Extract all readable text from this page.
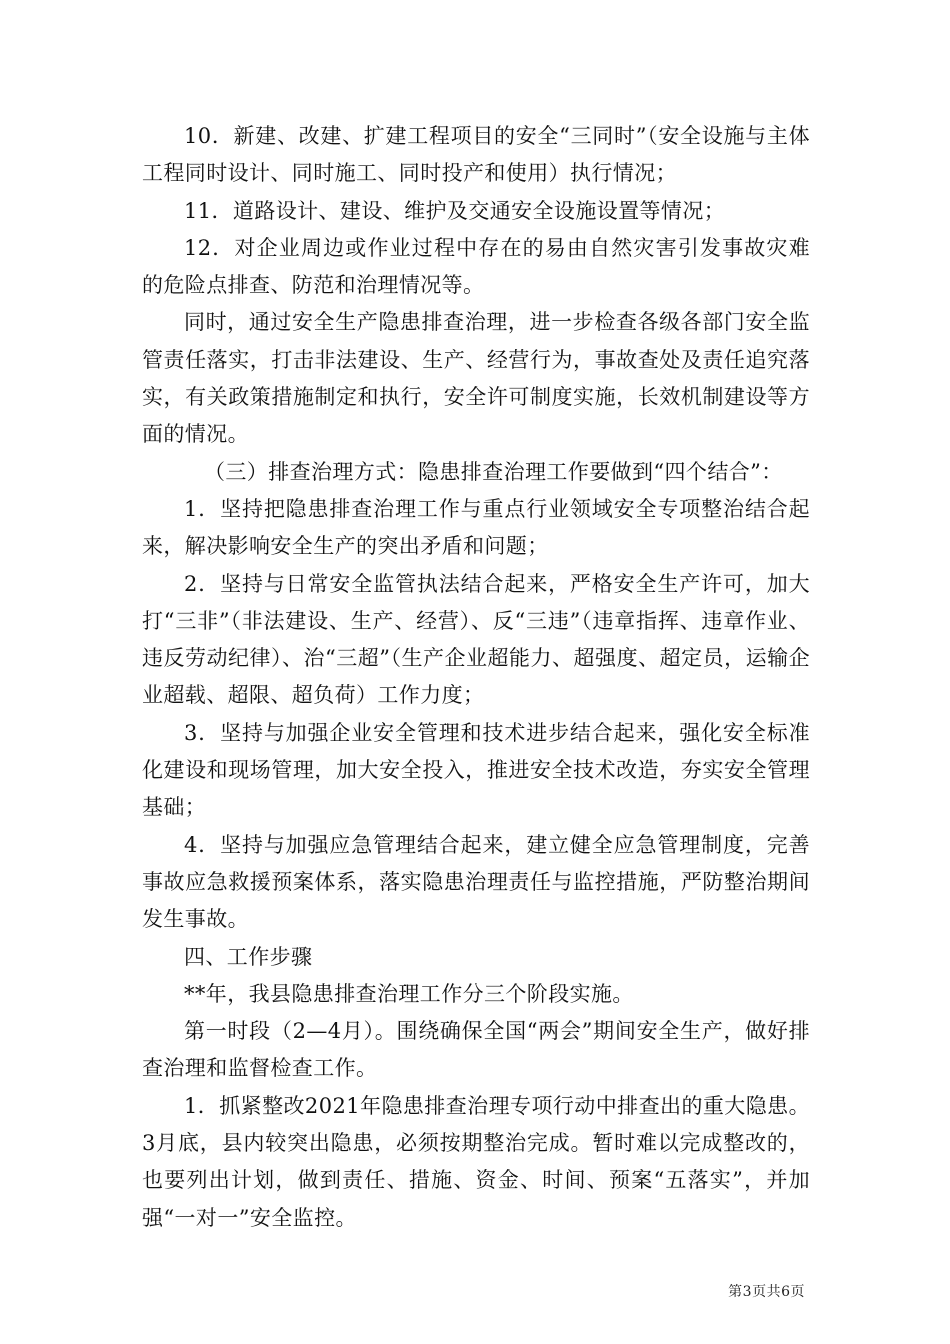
10．新建、改建、扩建工程项目的安全“三同时”（安全设施与主体工程同时设计、同时施工、同时投产和使用）执行情况；

11．道路设计、建设、维护及交通安全设施设置等情况；

12．对企业周边或作业过程中存在的易由自然灾害引发事故灾难的危险点排查、防范和治理情况等。

同时，通过安全生产隐患排查治理，进一步检查各级各部门安全监管责任落实，打击非法建设、生产、经营行为，事故查处及责任追究落实，有关政策措施制定和执行，安全许可制度实施，长效机制建设等方面的情况。

（三）排查治理方式：隐患排查治理工作要做到“四个结合”：

1．坚持把隐患排查治理工作与重点行业领域安全专项整治结合起来，解决影响安全生产的突出矛盾和问题；

2．坚持与日常安全监管执法结合起来，严格安全生产许可，加大打“三非”（非法建设、生产、经营）、反“三违”（违章指挥、违章作业、违反劳动纪律）、治“三超”（生产企业超能力、超强度、超定员，运输企业超载、超限、超负荷）工作力度；

3．坚持与加强企业安全管理和技术进步结合起来，强化安全标准化建设和现场管理，加大安全投入，推进安全技术改造，夯实安全管理基础；

4．坚持与加强应急管理结合起来，建立健全应急管理制度，完善事故应急救援预案体系，落实隐患治理责任与监控措施，严防整治期间发生事故。

四、工作步骤

**年，我县隐患排查治理工作分三个阶段实施。

第一时段（2—4月）。围绕确保全国“两会”期间安全生产，做好排查治理和监督检查工作。

1．抓紧整改2021年隐患排查治理专项行动中排查出的重大隐患。3月底，县内较突出隐患，必须按期整治完成。暂时难以完成整改的，也要列出计划，做到责任、措施、资金、时间、预案“五落实”，并加强“一对一”安全监控。

第3页共6页
